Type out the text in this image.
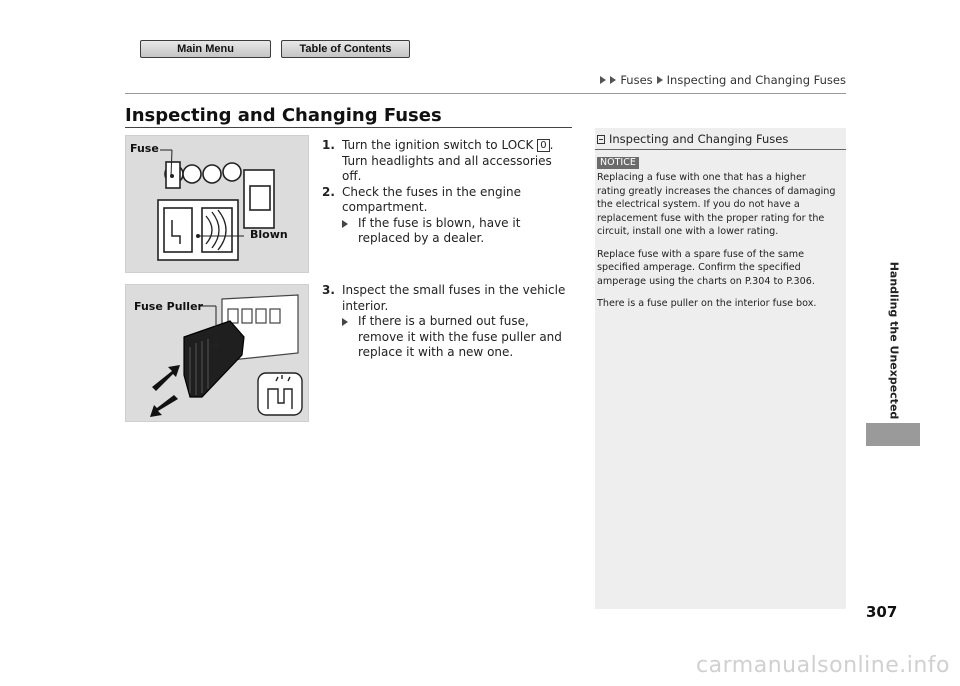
Main Menu	Table of Contents
Fuses Inspecting and Changing Fuses
Inspecting and Changing Fuses
Handling the Unexpected
Fuse
Blown
Fuse Puller
1. Turn the ignition switch to LOCK 0 . Turn headlights and all accessories off.
2. Check the fuses in the engine compartment.
If the fuse is blown, have it replaced by a dealer.
3. Inspect the small fuses in the vehicle interior.
If there is a burned out fuse, remove it with the fuse puller and replace it with a new one.
Inspecting and Changing Fuses
NOTICE

Replacing a fuse with one that has a higher rating greatly increases the chances of damaging the electrical system. If you do not have a replacement fuse with the proper rating for the circuit, install one with a lower rating.

Replace fuse with a spare fuse of the same specified amperage. Confirm the specified amperage using the charts on P.304 to P.306.

There is a fuse puller on the interior fuse box.

307
carmanualsonline.info
